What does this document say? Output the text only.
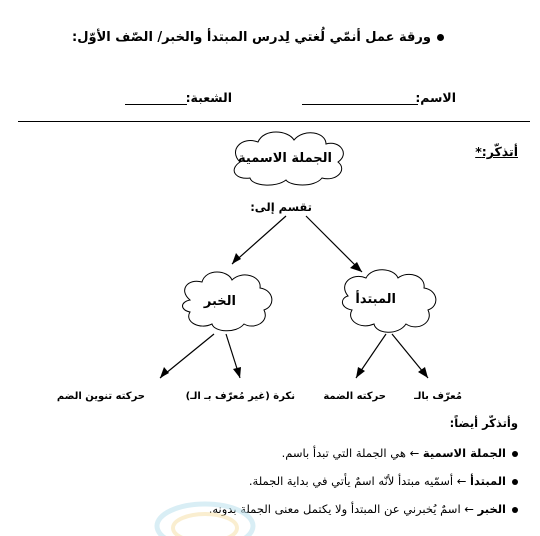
ورقة عمل أنمّي لُغتي لِدرس المبتدأ والخبر/ الصّف الأوّل:
الاسم:
الشعبة:
أتذكّر:*
الجملة الاسمية
تقسم إلى:
الخبر	المبتدأ
حركته تنوين الضم	نكرة (غير مُعرّف بـ الـ)	حركته الضمة	مُعرّف بالـ
وأتذكّر أيضاً:
الجملة الاسمية ← هي الجملة التي تبدأ باسم.
المبتدأ ← أسمّيه مبتدأ لأنّه اسمٌ يأتي في بداية الجملة.
الخبر ← اسمٌ يُخبرني عن المبتدأ ولا يكتمل معنى الجملة بدونه.
